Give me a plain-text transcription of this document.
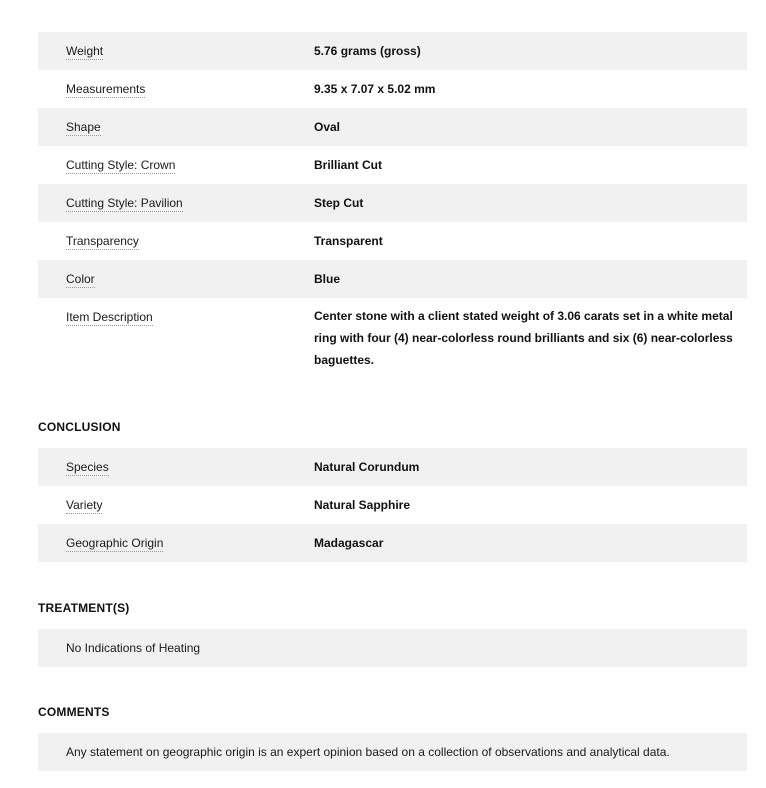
Weight	5.76 grams (gross)
Measurements	9.35 x 7.07 x 5.02 mm
Shape	Oval
Cutting Style: Crown	Brilliant Cut
Cutting Style: Pavilion	Step Cut
Transparency	Transparent
Color	Blue
Item Description	Center stone with a client stated weight of 3.06 carats set in a white metal ring with four (4) near-colorless round brilliants and six (6) near-colorless baguettes.
CONCLUSION
Species	Natural Corundum
Variety	Natural Sapphire
Geographic Origin	Madagascar
TREATMENT(S)
No Indications of Heating
COMMENTS
Any statement on geographic origin is an expert opinion based on a collection of observations and analytical data.
